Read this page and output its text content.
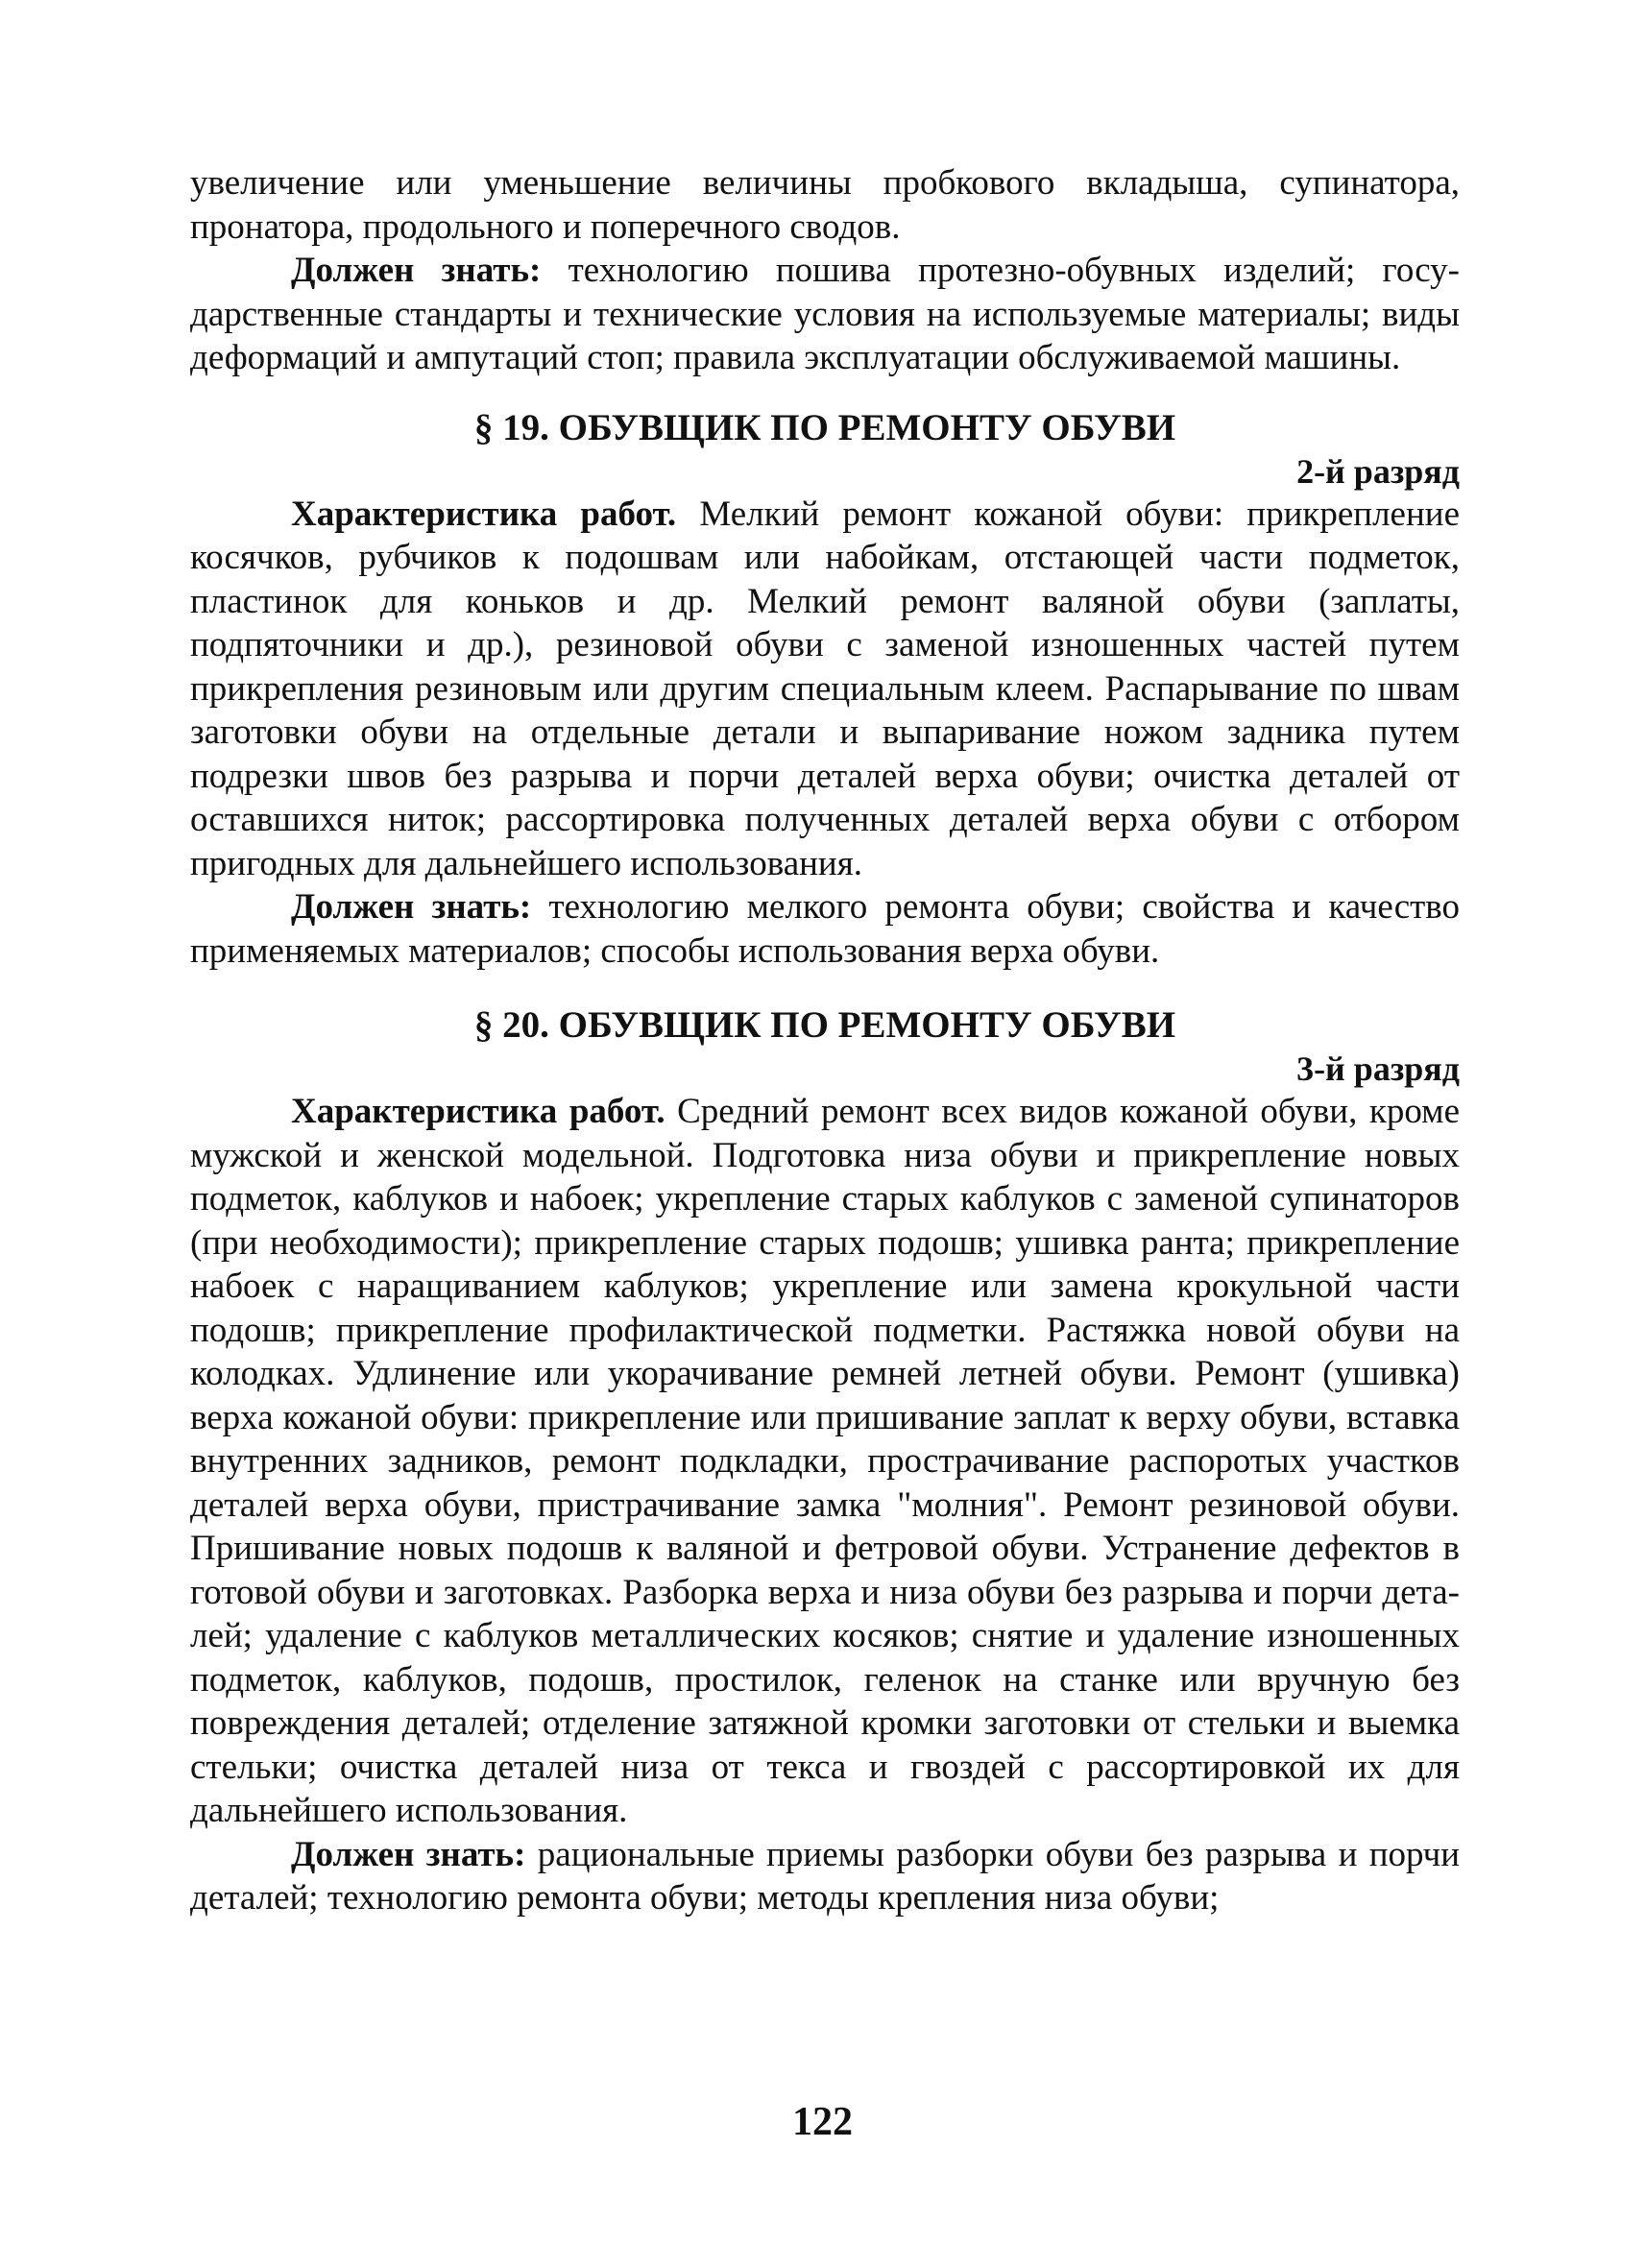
увеличение или уменьшение величины пробкового вкладыша, супинатора, пронатора, продольного и поперечного сводов.

Должен знать: технологию пошива протезно-обувных изделий; государственные стандарты и технические условия на используемые материалы; виды деформаций и ампутаций стоп; правила эксплуатации обслуживаемой машины.

§ 19. ОБУВЩИК ПО РЕМОНТУ ОБУВИ

2-й разряд

Характеристика работ. Мелкий ремонт кожаной обуви: прикрепление косячков, рубчиков к подошвам или набойкам, отстающей части подметок, пластинок для коньков и др. Мелкий ремонт валяной обуви (заплаты, подпяточники и др.), резиновой обуви с заменой изношенных частей путем прикрепления резиновым или другим специальным клеем. Распарывание по швам заготовки обуви на отдельные детали и выпаривание ножом задника путем подрезки швов без разрыва и порчи деталей верха обуви; очистка деталей от оставшихся ниток; рассортировка полученных деталей верха обуви с отбором пригодных для дальнейшего использования.

Должен знать: технологию мелкого ремонта обуви; свойства и качество применяемых материалов; способы использования верха обуви.

§ 20. ОБУВЩИК ПО РЕМОНТУ ОБУВИ

3-й разряд

Характеристика работ. Средний ремонт всех видов кожаной обуви, кроме мужской и женской модельной. Подготовка низа обуви и прикрепление новых подметок, каблуков и набоек; укрепление старых каблуков с заменой супинаторов (при необходимости); прикрепление старых подошв; ушивка ранта; прикрепление набоек с наращиванием каблуков; укрепление или замена крокульной части подошв; прикрепление профилактической подметки. Растяжка новой обуви на колодках. Удлинение или укорачивание ремней летней обуви. Ремонт (ушивка) верха кожаной обуви: прикрепление или пришивание заплат к верху обуви, вставка внутренних задников, ремонт подкладки, прострачивание распоротых участков деталей верха обуви, пристрачивание замка "молния". Ремонт резиновой обуви. Пришивание новых подошв к валяной и фетровой обуви. Устранение дефектов в готовой обуви и заготовках. Разборка верха и низа обуви без разрыва и порчи деталей; удаление с каблуков металлических косяков; снятие и удаление изношенных подметок, каблуков, подошв, простилок, геленок на станке или вручную без повреждения деталей; отделение затяжной кромки заготовки от стельки и выемка стельки; очистка деталей низа от текса и гвоздей с рассортировкой их для дальнейшего использования.

Должен знать: рациональные приемы разборки обуви без разрыва и порчи деталей; технологию ремонта обуви; методы крепления низа обуви;

122
